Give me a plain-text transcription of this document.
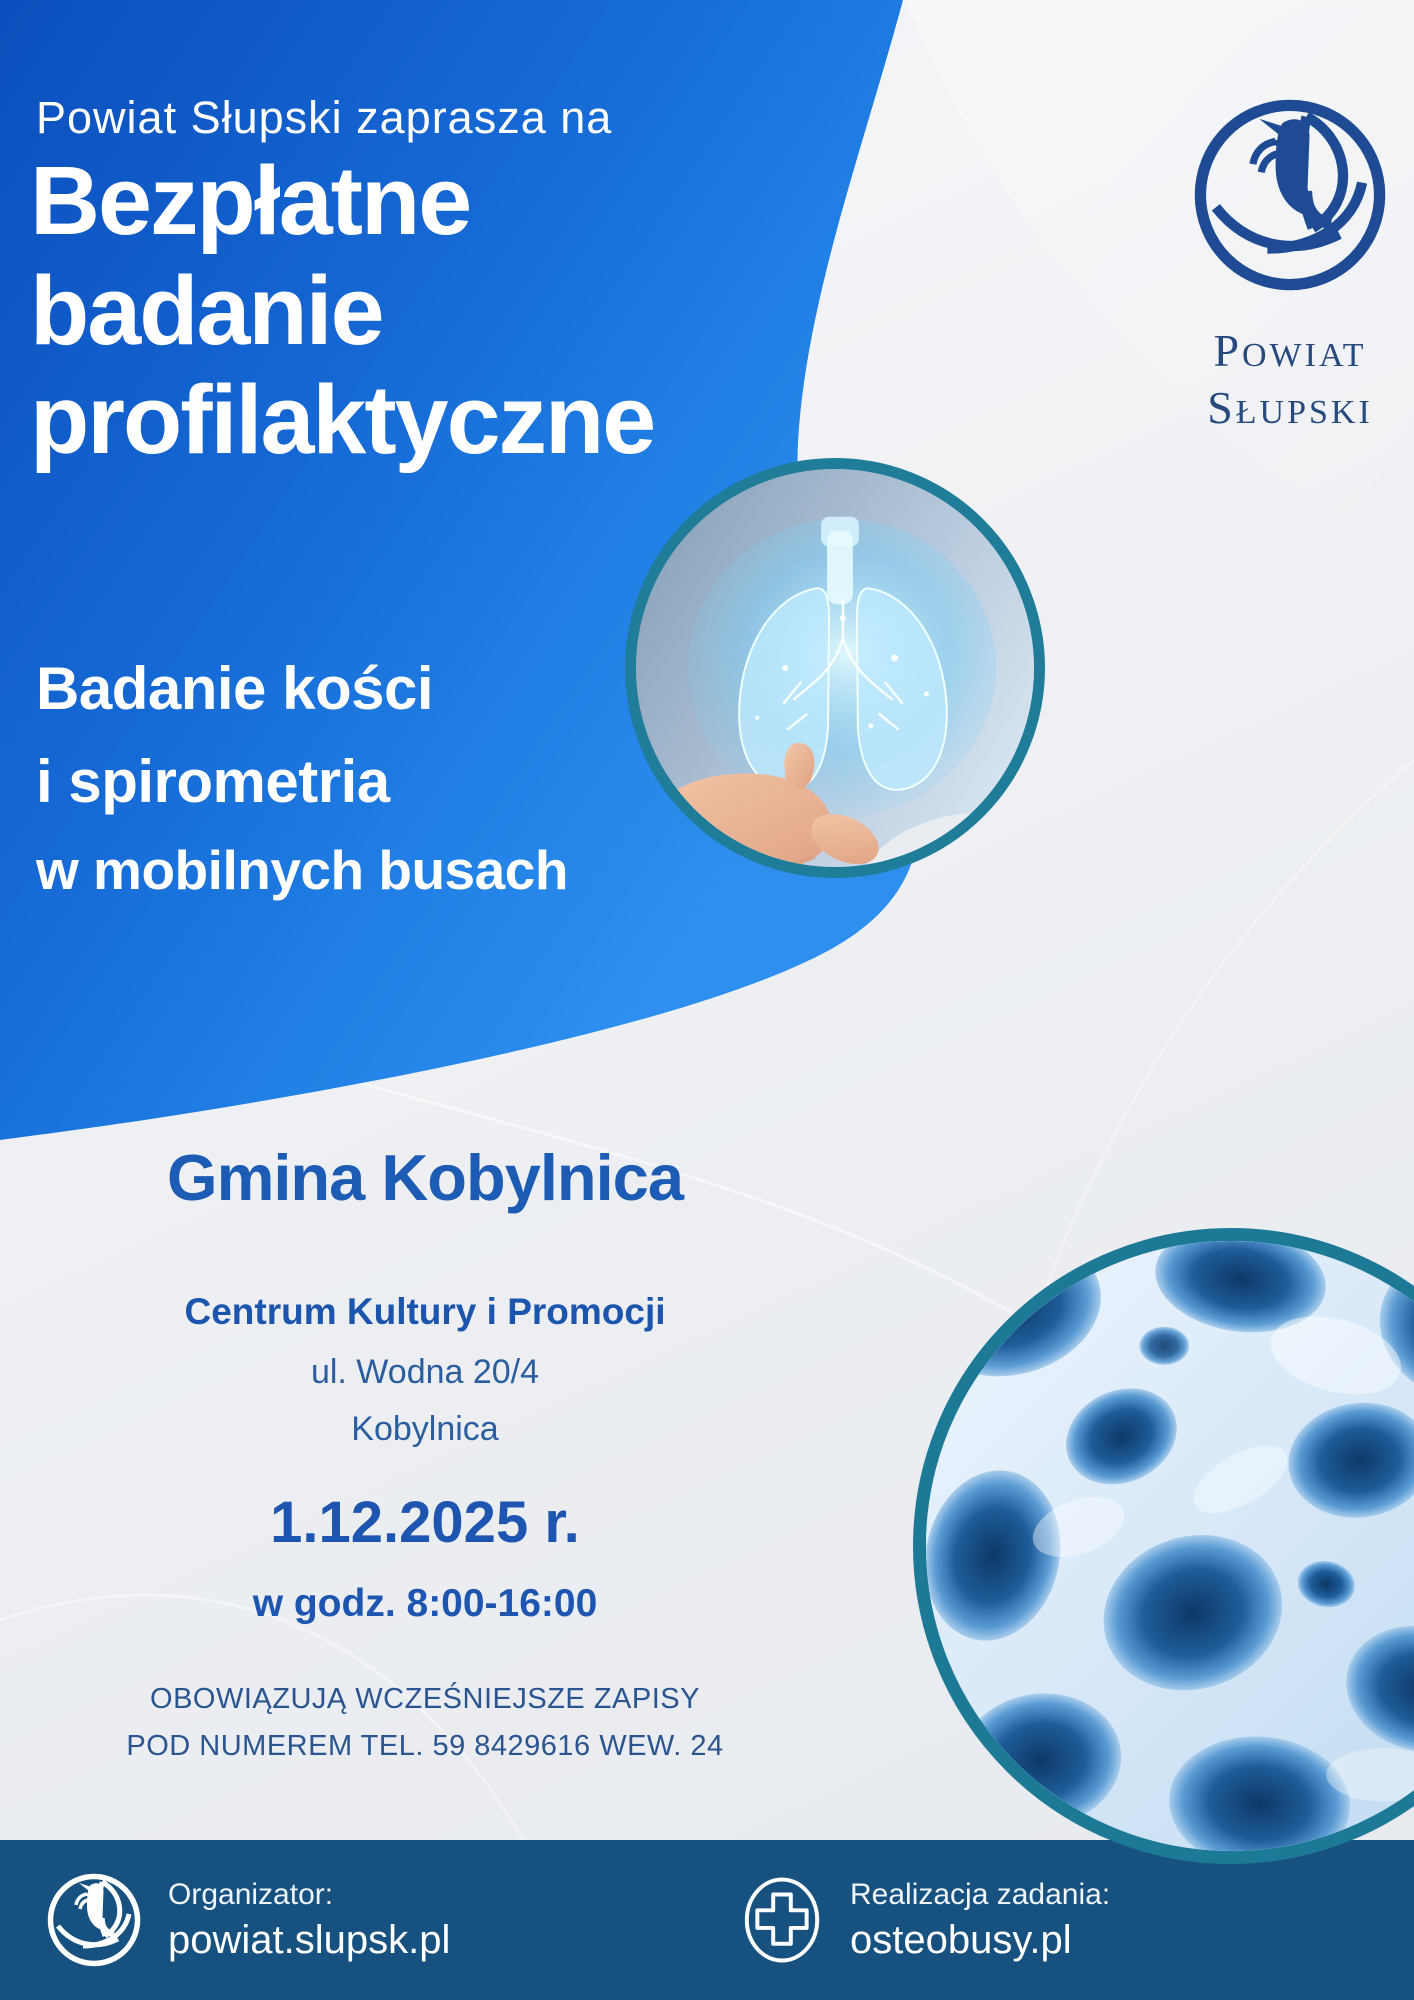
Powiat Słupski zaprasza na
Bezpłatne
badanie
profilaktyczne
Badanie kości
i spirometria
w mobilnych busach
POWIAT
SŁUPSKI
Gmina Kobylnica
Centrum Kultury i Promocji
ul. Wodna 20/4
Kobylnica
1.12.2025 r.
w godz. 8:00-16:00
OBOWIĄZUJĄ WCZEŚNIEJSZE ZAPISY
POD NUMEREM TEL. 59 8429616 WEW. 24
Organizator:
powiat.slupsk.pl
Realizacja zadania:
osteobusy.pl
